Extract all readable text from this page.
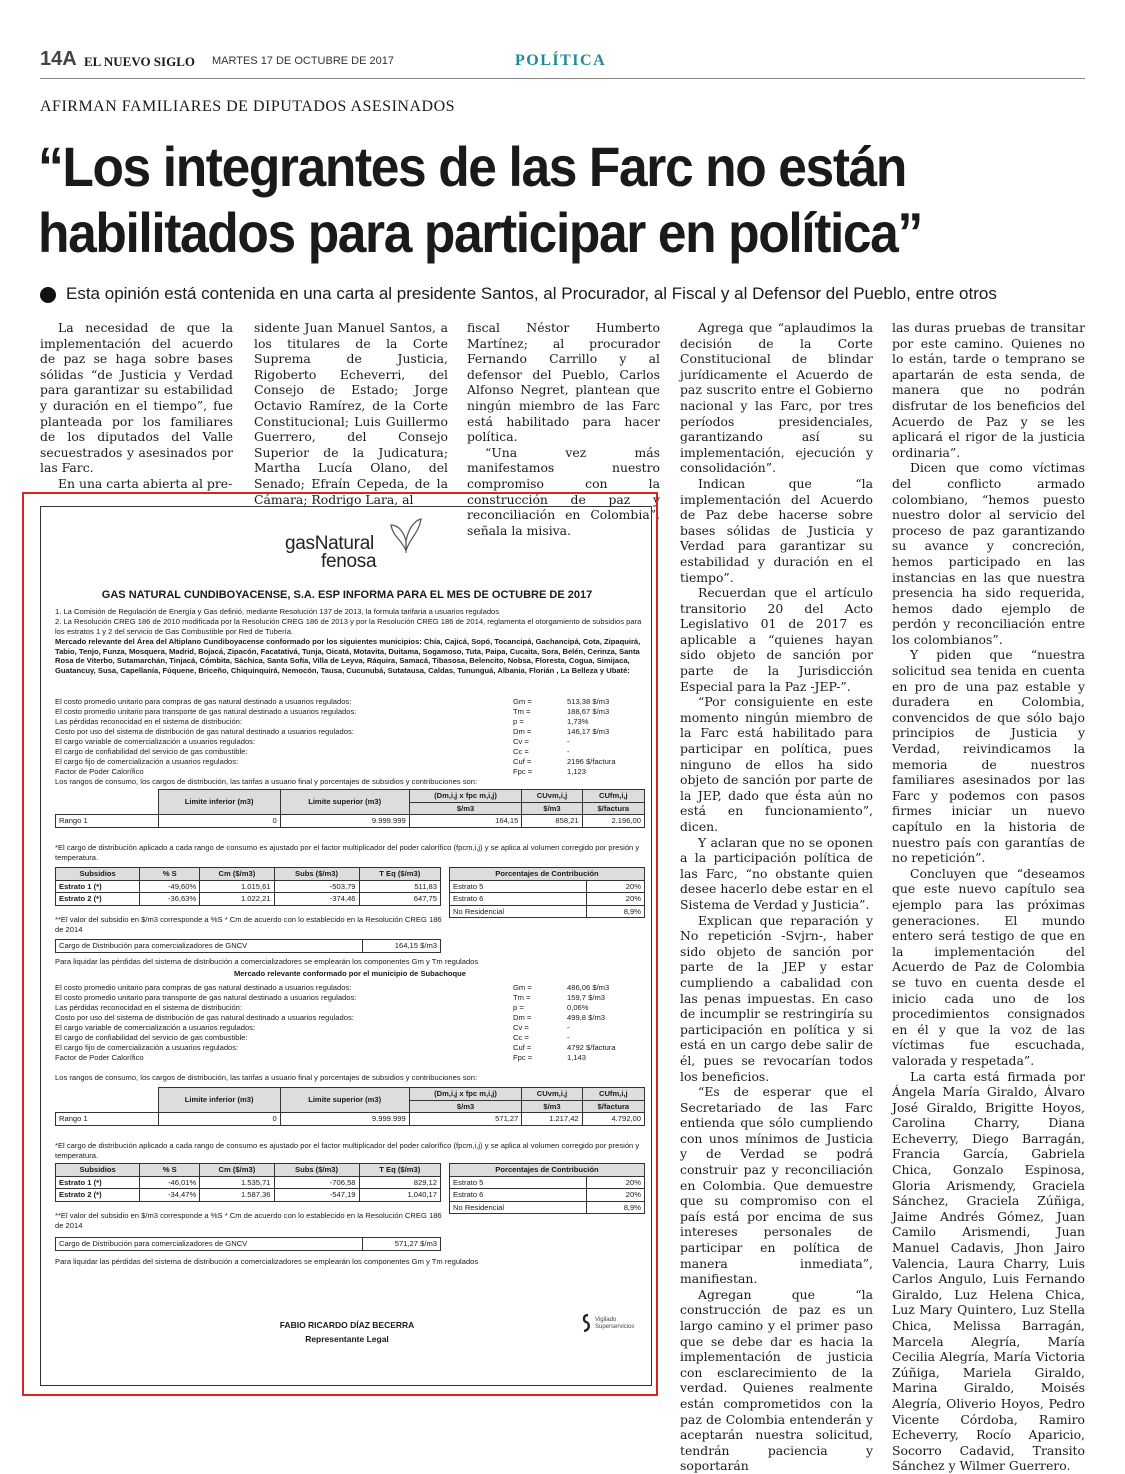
14A EL NUEVO SIGLO MARTES 17 DE OCTUBRE DE 2017	POLÍTICA
AFIRMAN FAMILIARES DE DIPUTADOS ASESINADOS
“Los integrantes de las Farc no están
habilitados para participar en política”
Esta opinión está contenida en una carta al presidente Santos, al Procurador, al Fiscal y al Defensor del Pueblo, entre otros

La necesidad de que la implementación del acuerdo de paz se haga sobre bases sólidas “de Justicia y Verdad para garantizar su estabilidad y duración en el tiempo”, fue planteada por los familiares de los diputados del Valle secuestrados y asesinados por las Farc.

En una carta abierta al pre-

sidente Juan Manuel Santos, a los titulares de la Corte Suprema de Justicia, Rigoberto Echeverri, del Consejo de Estado; Jorge Octavio Ramírez, de la Corte Constitucional; Luis Guillermo Guerrero, del Consejo Superior de la Judicatura; Martha Lucía Olano, del Senado; Efraín Cepeda, de la Cámara; Rodrigo Lara, al

fiscal Néstor Humberto Martínez; al procurador Fernando Carrillo y al defensor del Pueblo, Carlos Alfonso Negret, plantean que ningún miembro de las Farc está habilitado para hacer política.

“Una vez más manifestamos nuestro compromiso con la construcción de paz y reconciliación en Colombia”, señala la misiva.

Agrega que “aplaudimos la decisión de la Corte Constitucional de blindar jurídicamente el Acuerdo de paz suscrito entre el Gobierno nacional y las Farc, por tres períodos presidenciales, garantizando así su implementación, ejecución y consolidación”.

Indican que “la implementación del Acuerdo de Paz debe hacerse sobre bases sólidas de Justicia y Verdad para garantizar su estabilidad y duración en el tiempo”.

Recuerdan que el artículo transitorio 20 del Acto Legislativo 01 de 2017 es aplicable a “quienes hayan sido objeto de sanción por parte de la Jurisdicción Especial para la Paz -JEP-”.

“Por consiguiente en este momento ningún miembro de la Farc está habilitado para participar en política, pues ninguno de ellos ha sido objeto de sanción por parte de la JEP, dado que ésta aún no está en funcionamiento”, dicen.

Y aclaran que no se oponen a la participación política de las Farc, “no obstante quien desee hacerlo debe estar en el Sistema de Verdad y Justicia”.

Explican que reparación y No repetición -Svjrn-, haber sido objeto de sanción por parte de la JEP y estar cumpliendo a cabalidad con las penas impuestas. En caso de incumplir se restringiría su participación en política y si está en un cargo debe salir de él, pues se revocarían todos los beneficios.

“Es de esperar que el Secretariado de las Farc entienda que sólo cumpliendo con unos mínimos de Justicia y de Verdad se podrá construir paz y reconciliación en Colombia. Que demuestre que su compromiso con el país está por encima de sus intereses personales de participar en política de manera inmediata”, manifiestan.

Agregan que “la construcción de paz es un largo camino y el primer paso que se debe dar es hacia la implementación de justicia con esclarecimiento de la verdad. Quienes realmente están comprometidos con la paz de Colombia entenderán y aceptarán nuestra solicitud, tendrán paciencia y soportarán

las duras pruebas de transitar por este camino. Quienes no lo están, tarde o temprano se apartarán de esta senda, de manera que no podrán disfrutar de los beneficios del Acuerdo de Paz y se les aplicará el rigor de la justicia ordinaria”.

Dicen que como víctimas del conflicto armado colombiano, “hemos puesto nuestro dolor al servicio del proceso de paz garantizando su avance y concreción, hemos participado en las instancias en las que nuestra presencia ha sido requerida, hemos dado ejemplo de perdón y reconciliación entre los colombianos”.

Y piden que “nuestra solicitud sea tenida en cuenta en pro de una paz estable y duradera en Colombia, convencidos de que sólo bajo principios de Justicia y Verdad, reivindicamos la memoria de nuestros familiares asesinados por las Farc y podemos con pasos firmes iniciar un nuevo capítulo en la historia de nuestro país con garantías de no repetición”.

Concluyen que “deseamos que este nuevo capítulo sea ejemplo para las próximas generaciones. El mundo entero será testigo de que en la implementación del Acuerdo de Paz de Colombia se tuvo en cuenta desde el inicio cada uno de los procedimientos consignados en él y que la voz de las víctimas fue escuchada, valorada y respetada”.

La carta está firmada por Ángela María Giraldo, Álvaro José Giraldo, Brigitte Hoyos, Carolina Charry, Diana Echeverry, Diego Barragán, Francia García, Gabriela Chica, Gonzalo Espinosa, Gloria Arismendy, Graciela Sánchez, Graciela Zúñiga, Jaime Andrés Gómez, Juan Camilo Arismendi, Juan Manuel Cadavis, Jhon Jairo Valencia, Laura Charry, Luis Carlos Angulo, Luis Fernando Giraldo, Luz Helena Chica, Luz Mary Quintero, Luz Stella Chica, Melissa Barragán, Marcela Alegría, María Cecilia Alegría, María Victoria Zúñiga, Mariela Giraldo, Marina Giraldo, Moisés Alegría, Oliverio Hoyos, Pedro Vicente Córdoba, Ramiro Echeverry, Rocío Aparicio, Socorro Cadavid, Transito Sánchez y Wilmer Guerrero.

gasNatural
fenosa
GAS NATURAL CUNDIBOYACENSE, S.A. ESP INFORMA PARA EL MES DE OCTUBRE DE 2017

1. La Comisión de Regulación de Energía y Gas definió, mediante Resolución 137 de 2013, la formula tarifaria a usuarios regulados

2. La Resolución CREG 186 de 2010 modificada por la Resolución CREG 186 de 2013 y por la Resolución CREG 186 de 2014, reglamenta el otorgamiento de subsidios para los estratos 1 y 2 del servicio de Gas Combustible por Red de Tubería.

Mercado relevante del Área del Altiplano Cundiboyacense conformado por los siguientes municipios: Chía, Cajicá, Sopó, Tocancipá, Gachancipá, Cota, Zipaquirá, Tabio, Tenjo, Funza, Mosquera, Madrid, Bojacá, Zipacón, Facatativá, Tunja, Oicatá, Motavita, Duitama, Sogamoso, Tuta, Paipa, Cucaita, Sora, Belén, Cerinza, Santa Rosa de Viterbo, Sutamarchán, Tinjacá, Cómbita, Sáchica, Santa Sofía, Villa de Leyva, Ráquira, Samacá, Tibasosa, Belencito, Nobsa, Floresta, Cogua, Simijaca, Guatancuy, Susa, Capellanía, Fúquene, Briceño, Chiquinquirá, Nemocón, Tausa, Cucunubá, Sutatausa, Caldas, Tununguá, Albania, Florián , La Belleza y Ubaté:

El costo promedio unitario para compras de gas natural destinado a usuarios regulados:	Gm =	513,38 $/m3
El costo promedio unitario para transporte de gas natural destinado a usuarios regulados:	Tm =	188,67 $/m3
Las pérdidas reconocidad en el sistema de distribución:	p =	1,73%
Costo por uso del sistema de distribución de gas natural destinado a usuarios regulados:	Dm =	146,17 $/m3
El cargo variable de comercialización a usuarios regulados:	Cv =	-
El cargo de confiabilidad del servicio de gas combustible:	Cc =	-
El cargo fijo de comercialización a usuarios regulados:	Cuf =	2196 $/factura
Factor de Poder Calorífico	Fpc =	1,123

Los rangos de consumo, los cargos de distribución, las tarifas a usuario final y porcentajes de subsidios y contribuciones son:

	Limite inferior (m3)	Limite superior (m3)	(Dm,i,j x fpc m,i,j)	CUvm,i,j	CUfm,i,j
			$/m3	$/m3	$/factura
Rango 1	0	9.999.999	164,15	858,21	2.196,00

*El cargo de distribución aplicado a cada rango de consumo es ajustado por el factor multiplicador del poder calorífico (fpcm,i,j) y se aplica al volumen corregido por presión y temperatura.

Subsidios	% S	Cm ($/m3)	Subs ($/m3)	T Eq ($/m3)
Estrato 1 (*)	-49,60%	1.015,61	-503,79	511,83
Estrato 2 (*)	-36,63%	1.022,21	-374,46	647,75
Porcentajes de Contribución	
Estrato 5	20%
Estrato 6	20%
No Residencial	8,9%

**El valor del subsidio en $/m3 corresponde a %S * Cm de acuerdo con lo establecido en la Resolución CREG 186 de 2014

Cargo de Distribución para comercializadores de GNCV	164,15 $/m3

Para liquidar las pérdidas del sistema de distribución a comercializadores se emplearán los componentes Gm y Tm regulados

Mercado relevante conformado por el municipio de Subachoque

El costo promedio unitario para compras de gas natural destinado a usuarios regulados:	Gm =	486,06 $/m3
El costo promedio unitario para transporte de gas natural destinado a usuarios regulados:	Tm =	159,7 $/m3
Las pérdidas reconocidad en el sistema de distribución:	p =	0,06%
Costo por uso del sistema de distribución de gas natural destinado a usuarios regulados:	Dm =	499,8 $/m3
El cargo variable de comercialización a usuarios regulados:	Cv =	-
El cargo de confiabilidad del servicio de gas combustible:	Cc =	-
El cargo fijo de comercialización a usuarios regulados:	Cuf =	4792 $/factura
Factor de Poder Calorífico	Fpc =	1,143

Los rangos de consumo, los cargos de distribución, las tarifas a usuario final y porcentajes de subsidios y contribuciones son:

	Limite inferior (m3)	Limite superior (m3)	(Dm,i,j x fpc m,i,j)	CUvm,i,j	CUfm,i,j
			$/m3	$/m3	$/factura
Rango 1	0	9.999.999	571,27	1.217,42	4.792,00

*El cargo de distribución aplicado a cada rango de consumo es ajustado por el factor multiplicador del poder calorífico (fpcm,i,j) y se aplica al volumen corregido por presión y temperatura.

Subsidios	% S	Cm ($/m3)	Subs ($/m3)	T Eq ($/m3)
Estrato 1 (*)	-46,01%	1.535,71	-706,58	829,12
Estrato 2 (*)	-34,47%	1.587,36	-547,19	1.040,17
Porcentajes de Contribución	
Estrato 5	20%
Estrato 6	20%
No Residencial	8,9%

**El valor del subsidio en $/m3 corresponde a %S * Cm de acuerdo con lo establecido en la Resolución CREG 186 de 2014

Cargo de Distribución para comercializadores de GNCV	571,27 $/m3

Para liquidar las pérdidas del sistema de distribución a comercializadores se emplearán los componentes Gm y Tm regulados

FABIO RICARDO DÍAZ BECERRA
Representante Legal
Vigilado Superservicios
